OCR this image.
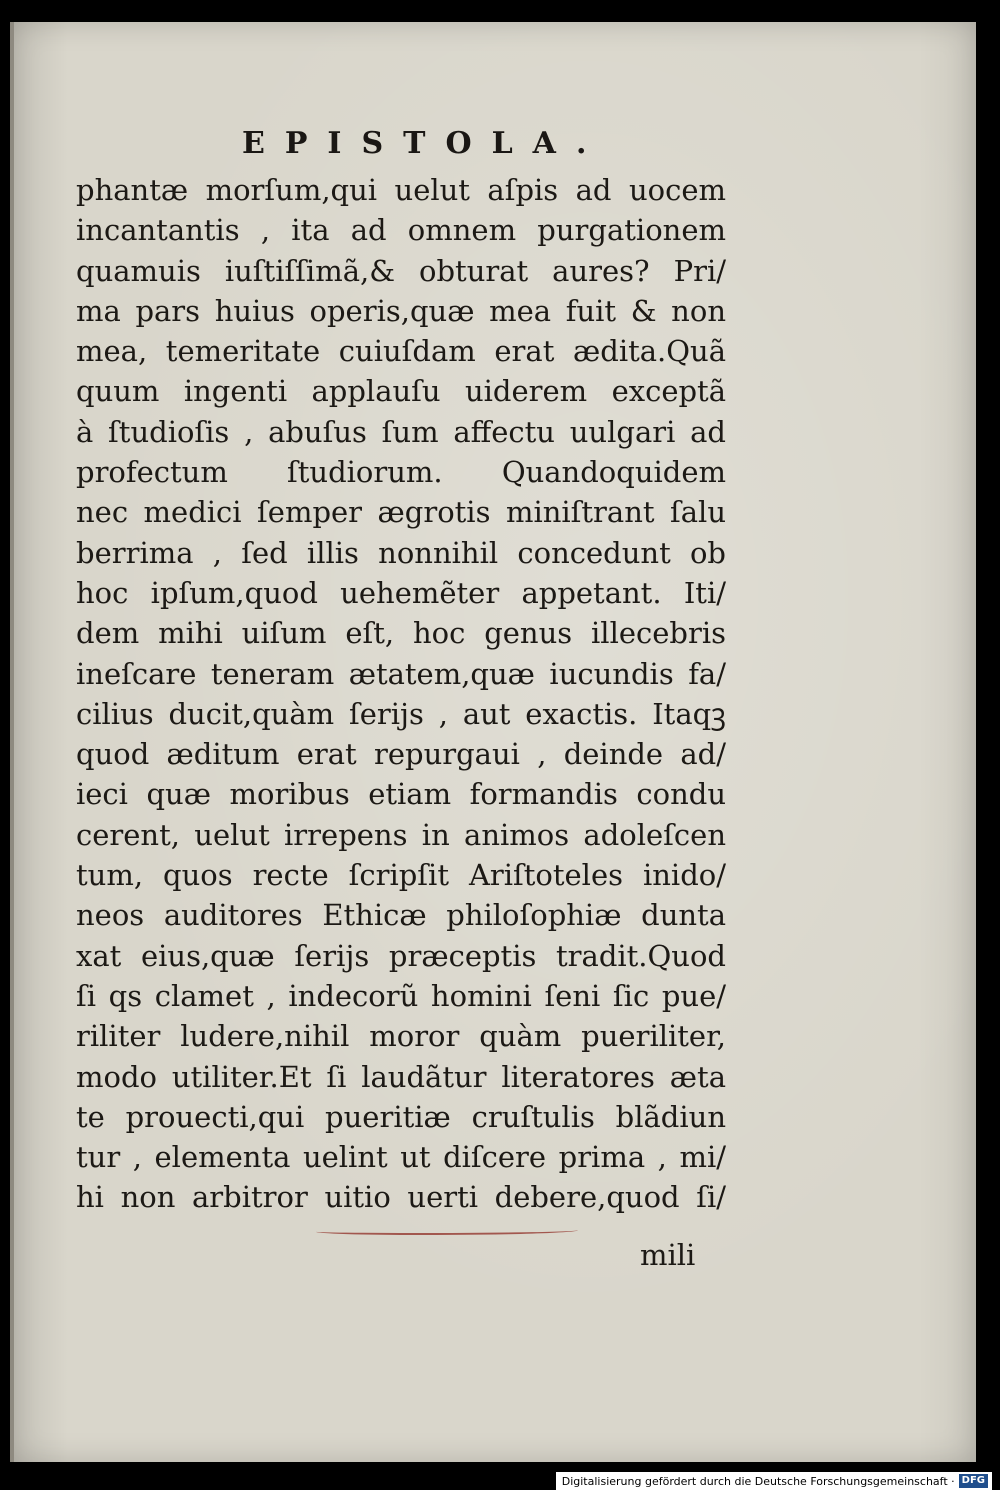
EPISTOLA.
phantæ morſum,qui uelut aſpis ad uocem
incantantis , ita ad omnem purgationem
quamuis iuſtiſſimã,& obturat aures? Pri/
ma pars huius operis,quæ mea fuit & non
mea, temeritate cuiuſdam erat ædita.Quã
quum ingenti applauſu uiderem exceptã
à ſtudioſis , abuſus ſum affectu uulgari ad
profectum ſtudiorum. Quandoquidem
nec medici ſemper ægrotis miniſtrant ſalu
berrima , ſed illis nonnihil concedunt ob
hoc ipſum,quod uehemẽter appetant. Iti/
dem mihi uiſum eſt, hoc genus illecebris
ineſcare teneram ætatem,quæ iucundis fa/
cilius ducit,quàm ſerijs , aut exactis. Itaqꝫ
quod æditum erat repurgaui , deinde ad/
ieci quæ moribus etiam formandis condu
cerent, uelut irrepens in animos adoleſcen
tum, quos recte ſcripſit Ariſtoteles inido/
neos auditores Ethicæ philoſophiæ dunta
xat eius,quæ ſerijs præceptis tradit.Quod
ſi qs clamet , indecorũ homini ſeni ſic pue/
riliter ludere,nihil moror quàm pueriliter,
modo utiliter.Et ſi laudãtur literatores æta
te prouecti,qui pueritiæ cruſtulis blãdiun
tur , elementa uelint ut diſcere prima , mi/
hi non arbitror uitio uerti debere,quod ſi/
mili
Digitalisierung gefördert durch die Deutsche Forschungsgemeinschaft · DFG
